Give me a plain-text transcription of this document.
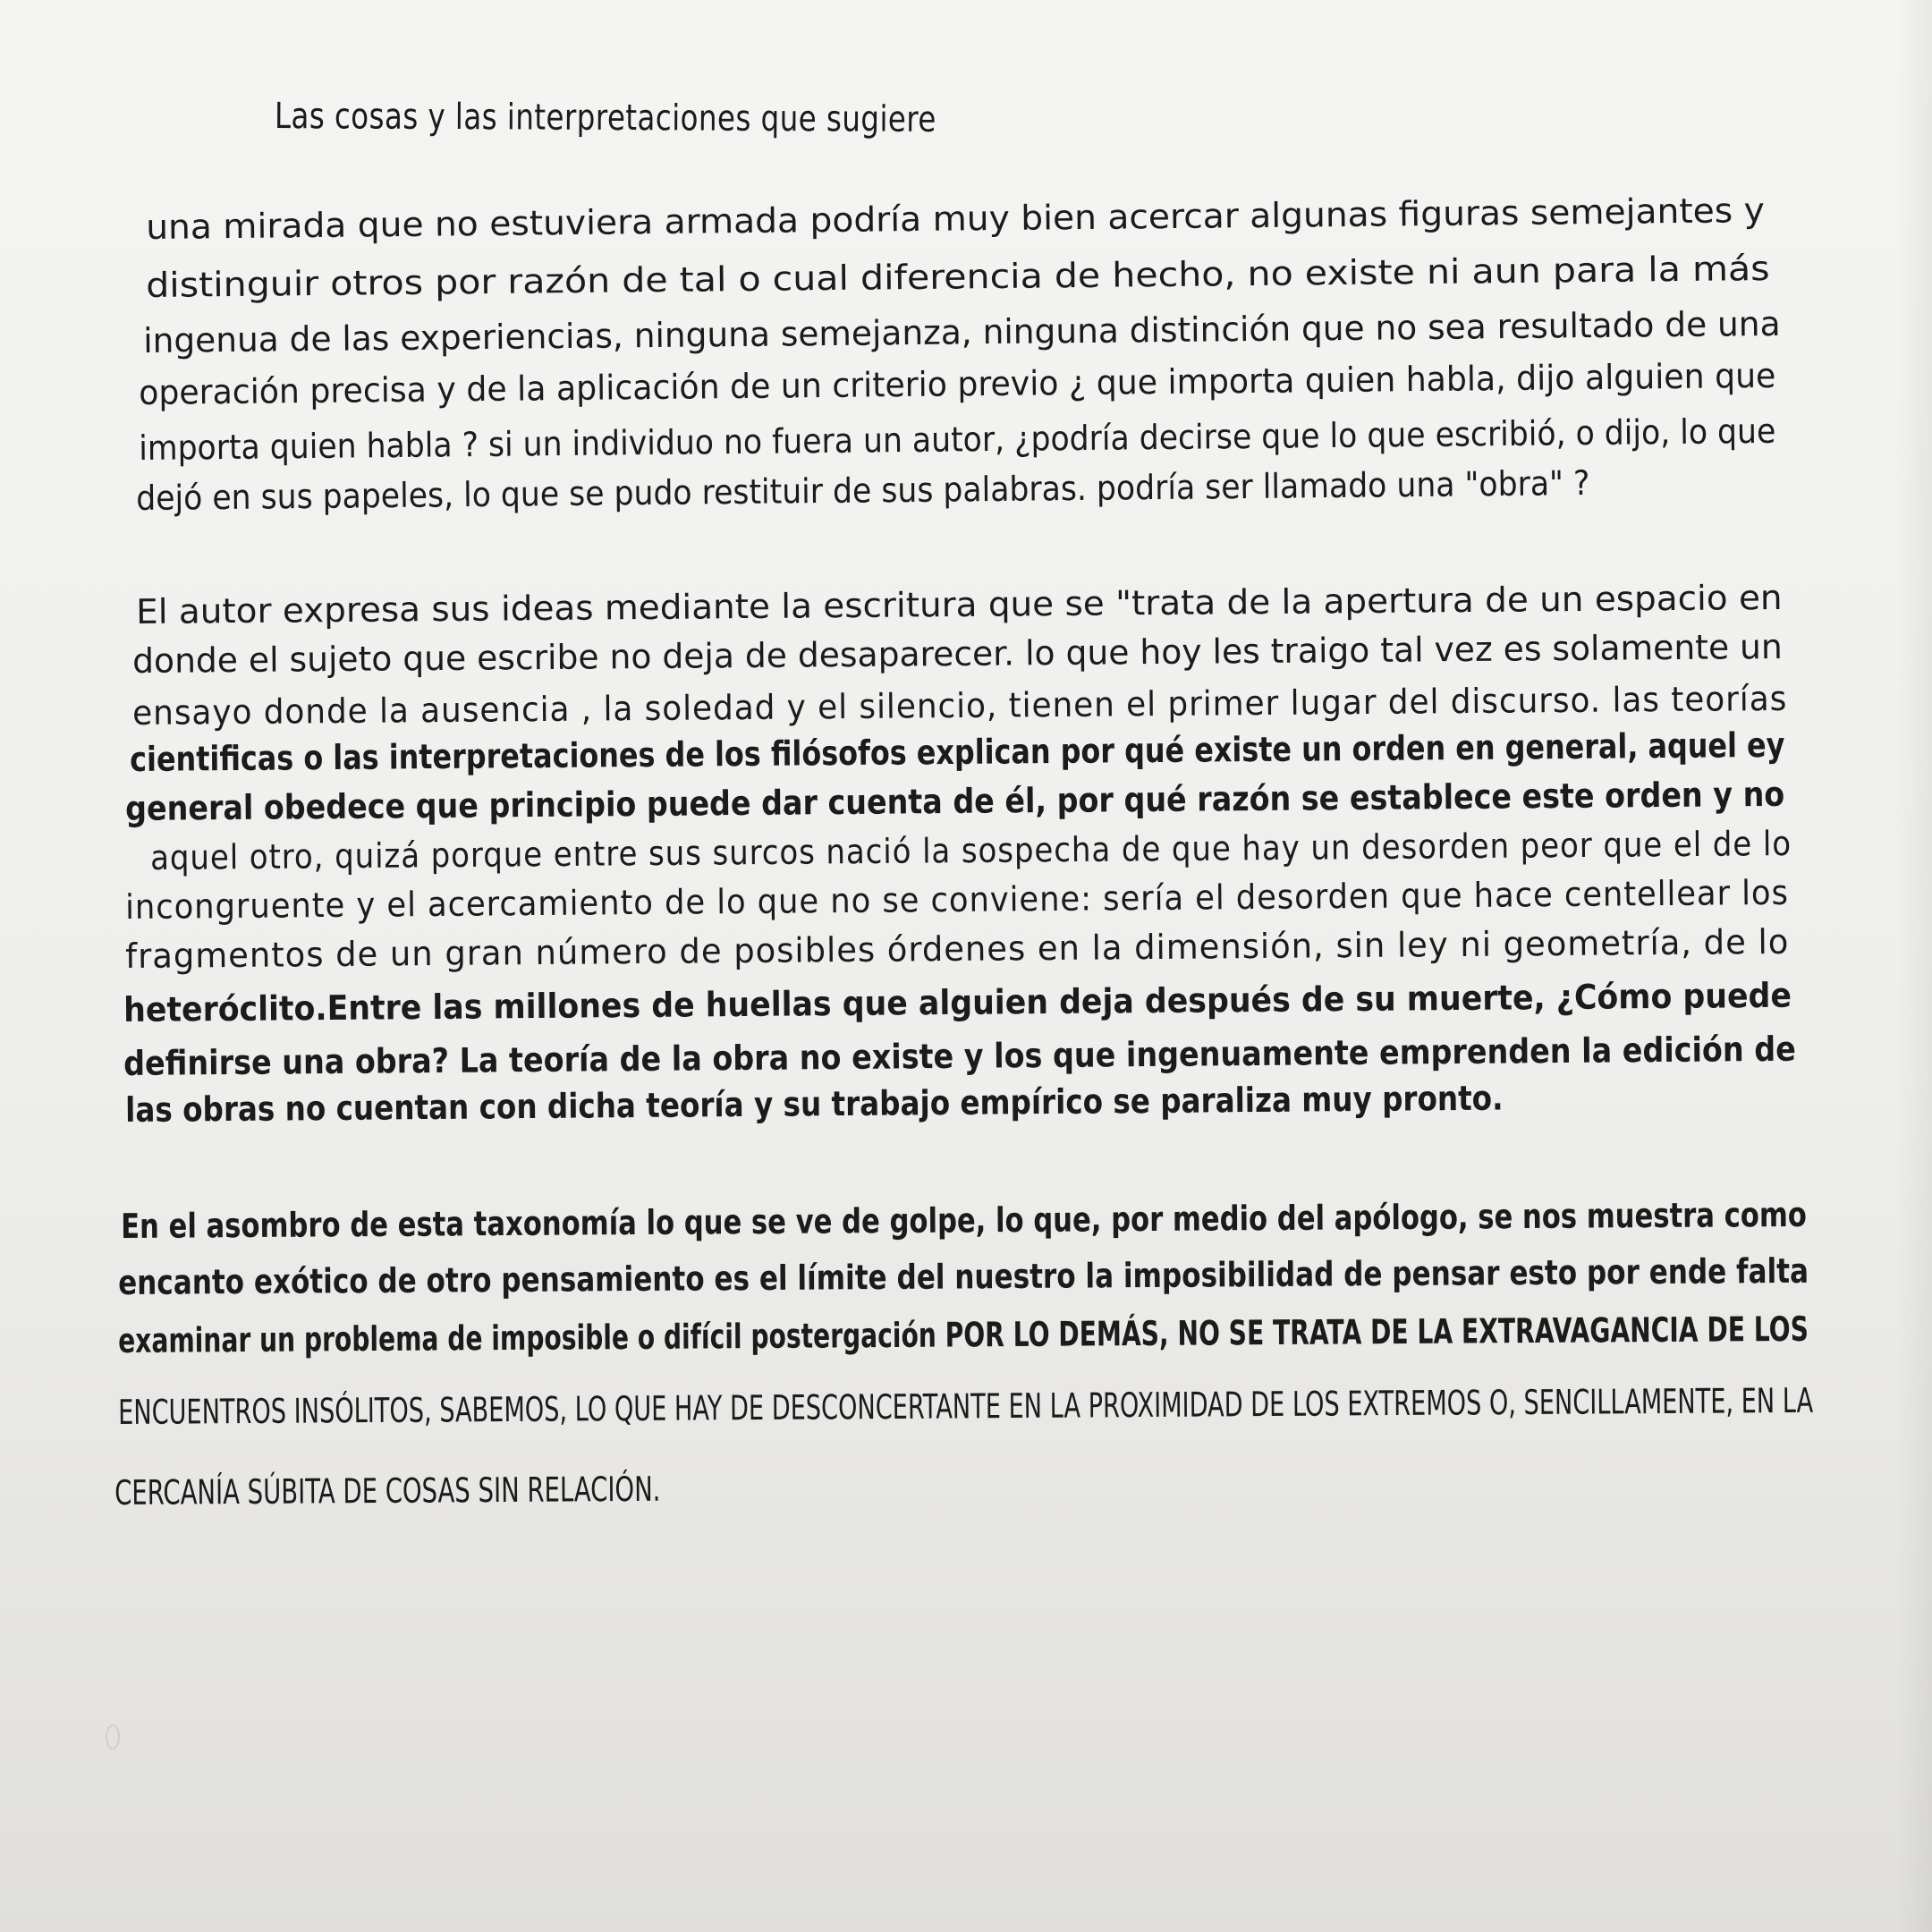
Las cosas y las interpretaciones que sugiere
una mirada que no estuviera armada podría muy bien acercar algunas figuras semejantes y
distinguir otros por razón de tal o cual diferencia de hecho, no existe ni aun para la más
ingenua de las experiencias, ninguna semejanza, ninguna distinción que no sea resultado de una
operación precisa y de la aplicación de un criterio previo ¿ que importa quien habla, dijo alguien que
importa quien habla ? si un individuo no fuera un autor, ¿podría decirse que lo que escribió, o dijo, lo que
dejó en sus papeles, lo que se pudo restituir de sus palabras. podría ser llamado una "obra" ?
El autor expresa sus ideas mediante la escritura que se "trata de la apertura de un espacio en
donde el sujeto que escribe no deja de desaparecer. lo que hoy les traigo tal vez es solamente un
ensayo donde la ausencia , la soledad y el silencio, tienen el primer lugar del discurso. las teorías
cientificas o las interpretaciones de los filósofos explican por qué existe un orden en general, aquel ey
general obedece que principio puede dar cuenta de él, por qué razón se establece este orden y no
aquel otro, quizá porque entre sus surcos nació la sospecha de que hay un desorden peor que el de lo
incongruente y el acercamiento de lo que no se conviene: sería el desorden que hace centellear los
fragmentos de un gran número de posibles órdenes en la dimensión, sin ley ni geometría, de lo
heteróclito.Entre las millones de huellas que alguien deja después de su muerte, ¿Cómo puede
definirse una obra? La teoría de la obra no existe y los que ingenuamente emprenden la edición de
las obras no cuentan con dicha teoría y su trabajo empírico se paraliza muy pronto.
En el asombro de esta taxonomía lo que se ve de golpe, lo que, por medio del apólogo, se nos muestra como
encanto exótico de otro pensamiento es el límite del nuestro la imposibilidad de pensar esto por ende falta
examinar un problema de imposible o difícil postergación POR LO DEMÁS, NO SE TRATA DE LA EXTRAVAGANCIA DE LOS
ENCUENTROS INSÓLITOS, SABEMOS, LO QUE HAY DE DESCONCERTANTE EN LA PROXIMIDAD DE LOS EXTREMOS O, SENCILLAMENTE, EN LA
CERCANÍA SÚBITA DE COSAS SIN RELACIÓN.
